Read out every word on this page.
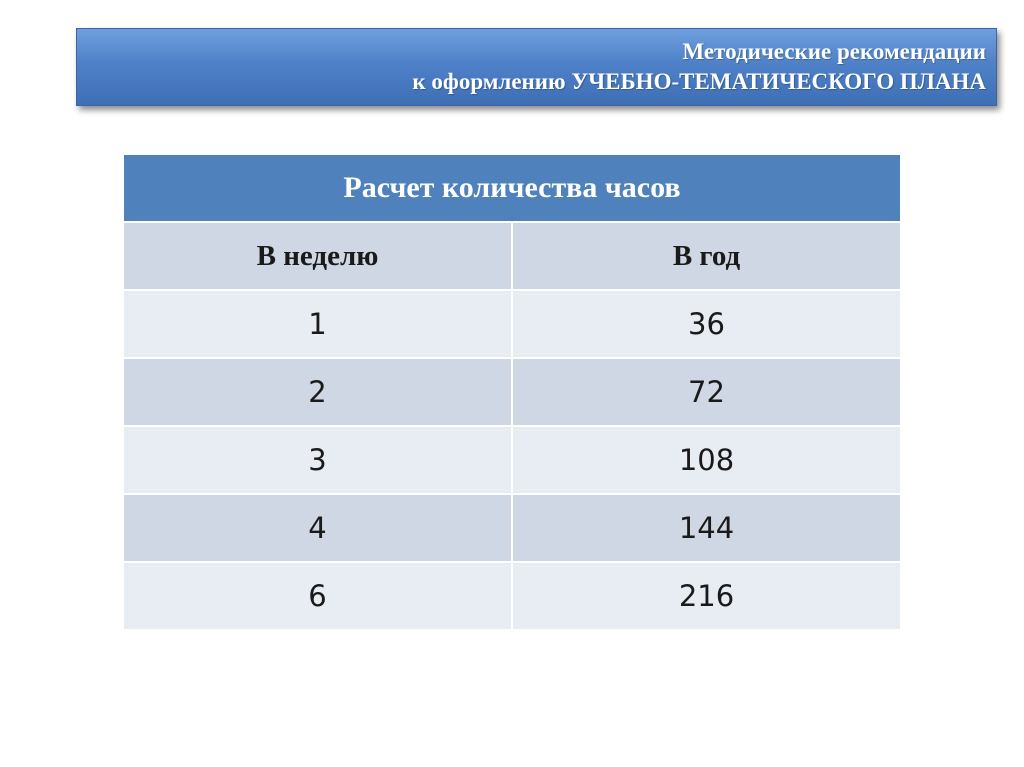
Методические рекомендации
к оформлению УЧЕБНО-ТЕМАТИЧЕСКОГО ПЛАНА
Расчет количества часов	
В неделю	В год
1	36
2	72
3	108
4	144
6	216
